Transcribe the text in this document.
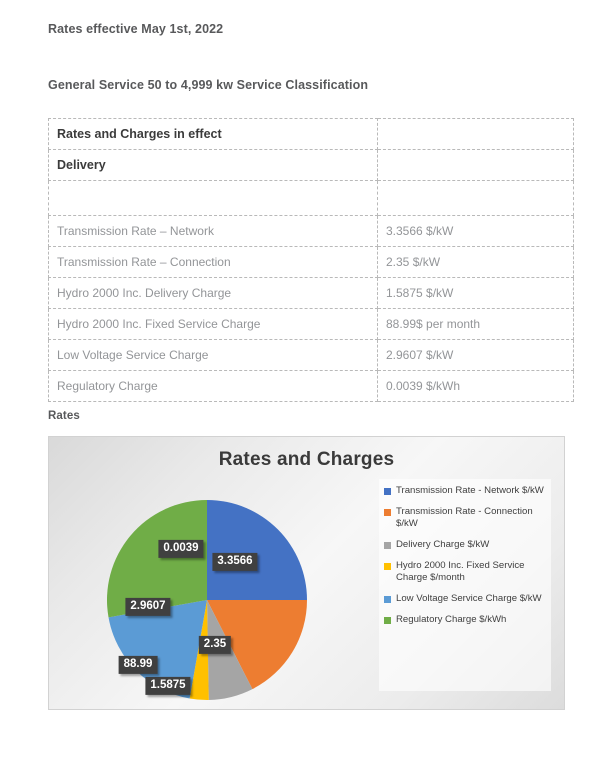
Rates effective May 1st, 2022
General Service 50 to 4,999 kw Service Classification
Rates and Charges in effect	
Delivery	

Transmission Rate – Network	3.3566 $/kW
Transmission Rate – Connection	2.35 $/kW
Hydro 2000 Inc. Delivery Charge	1.5875 $/kW
Hydro 2000 Inc. Fixed Service Charge	88.99$ per month
Low Voltage Service Charge	2.9607 $/kW
Regulatory Charge	0.0039 $/kWh
Rates
Rates and Charges
3.3566
2.35
1.5875
88.99
2.9607
0.0039
Transmission Rate - Network $/kW
Transmission Rate - Connection $/kW
Delivery Charge $/kW
Hydro 2000 Inc. Fixed Service Charge $/month
Low Voltage Service Charge $/kW
Regulatory Charge $/kWh
